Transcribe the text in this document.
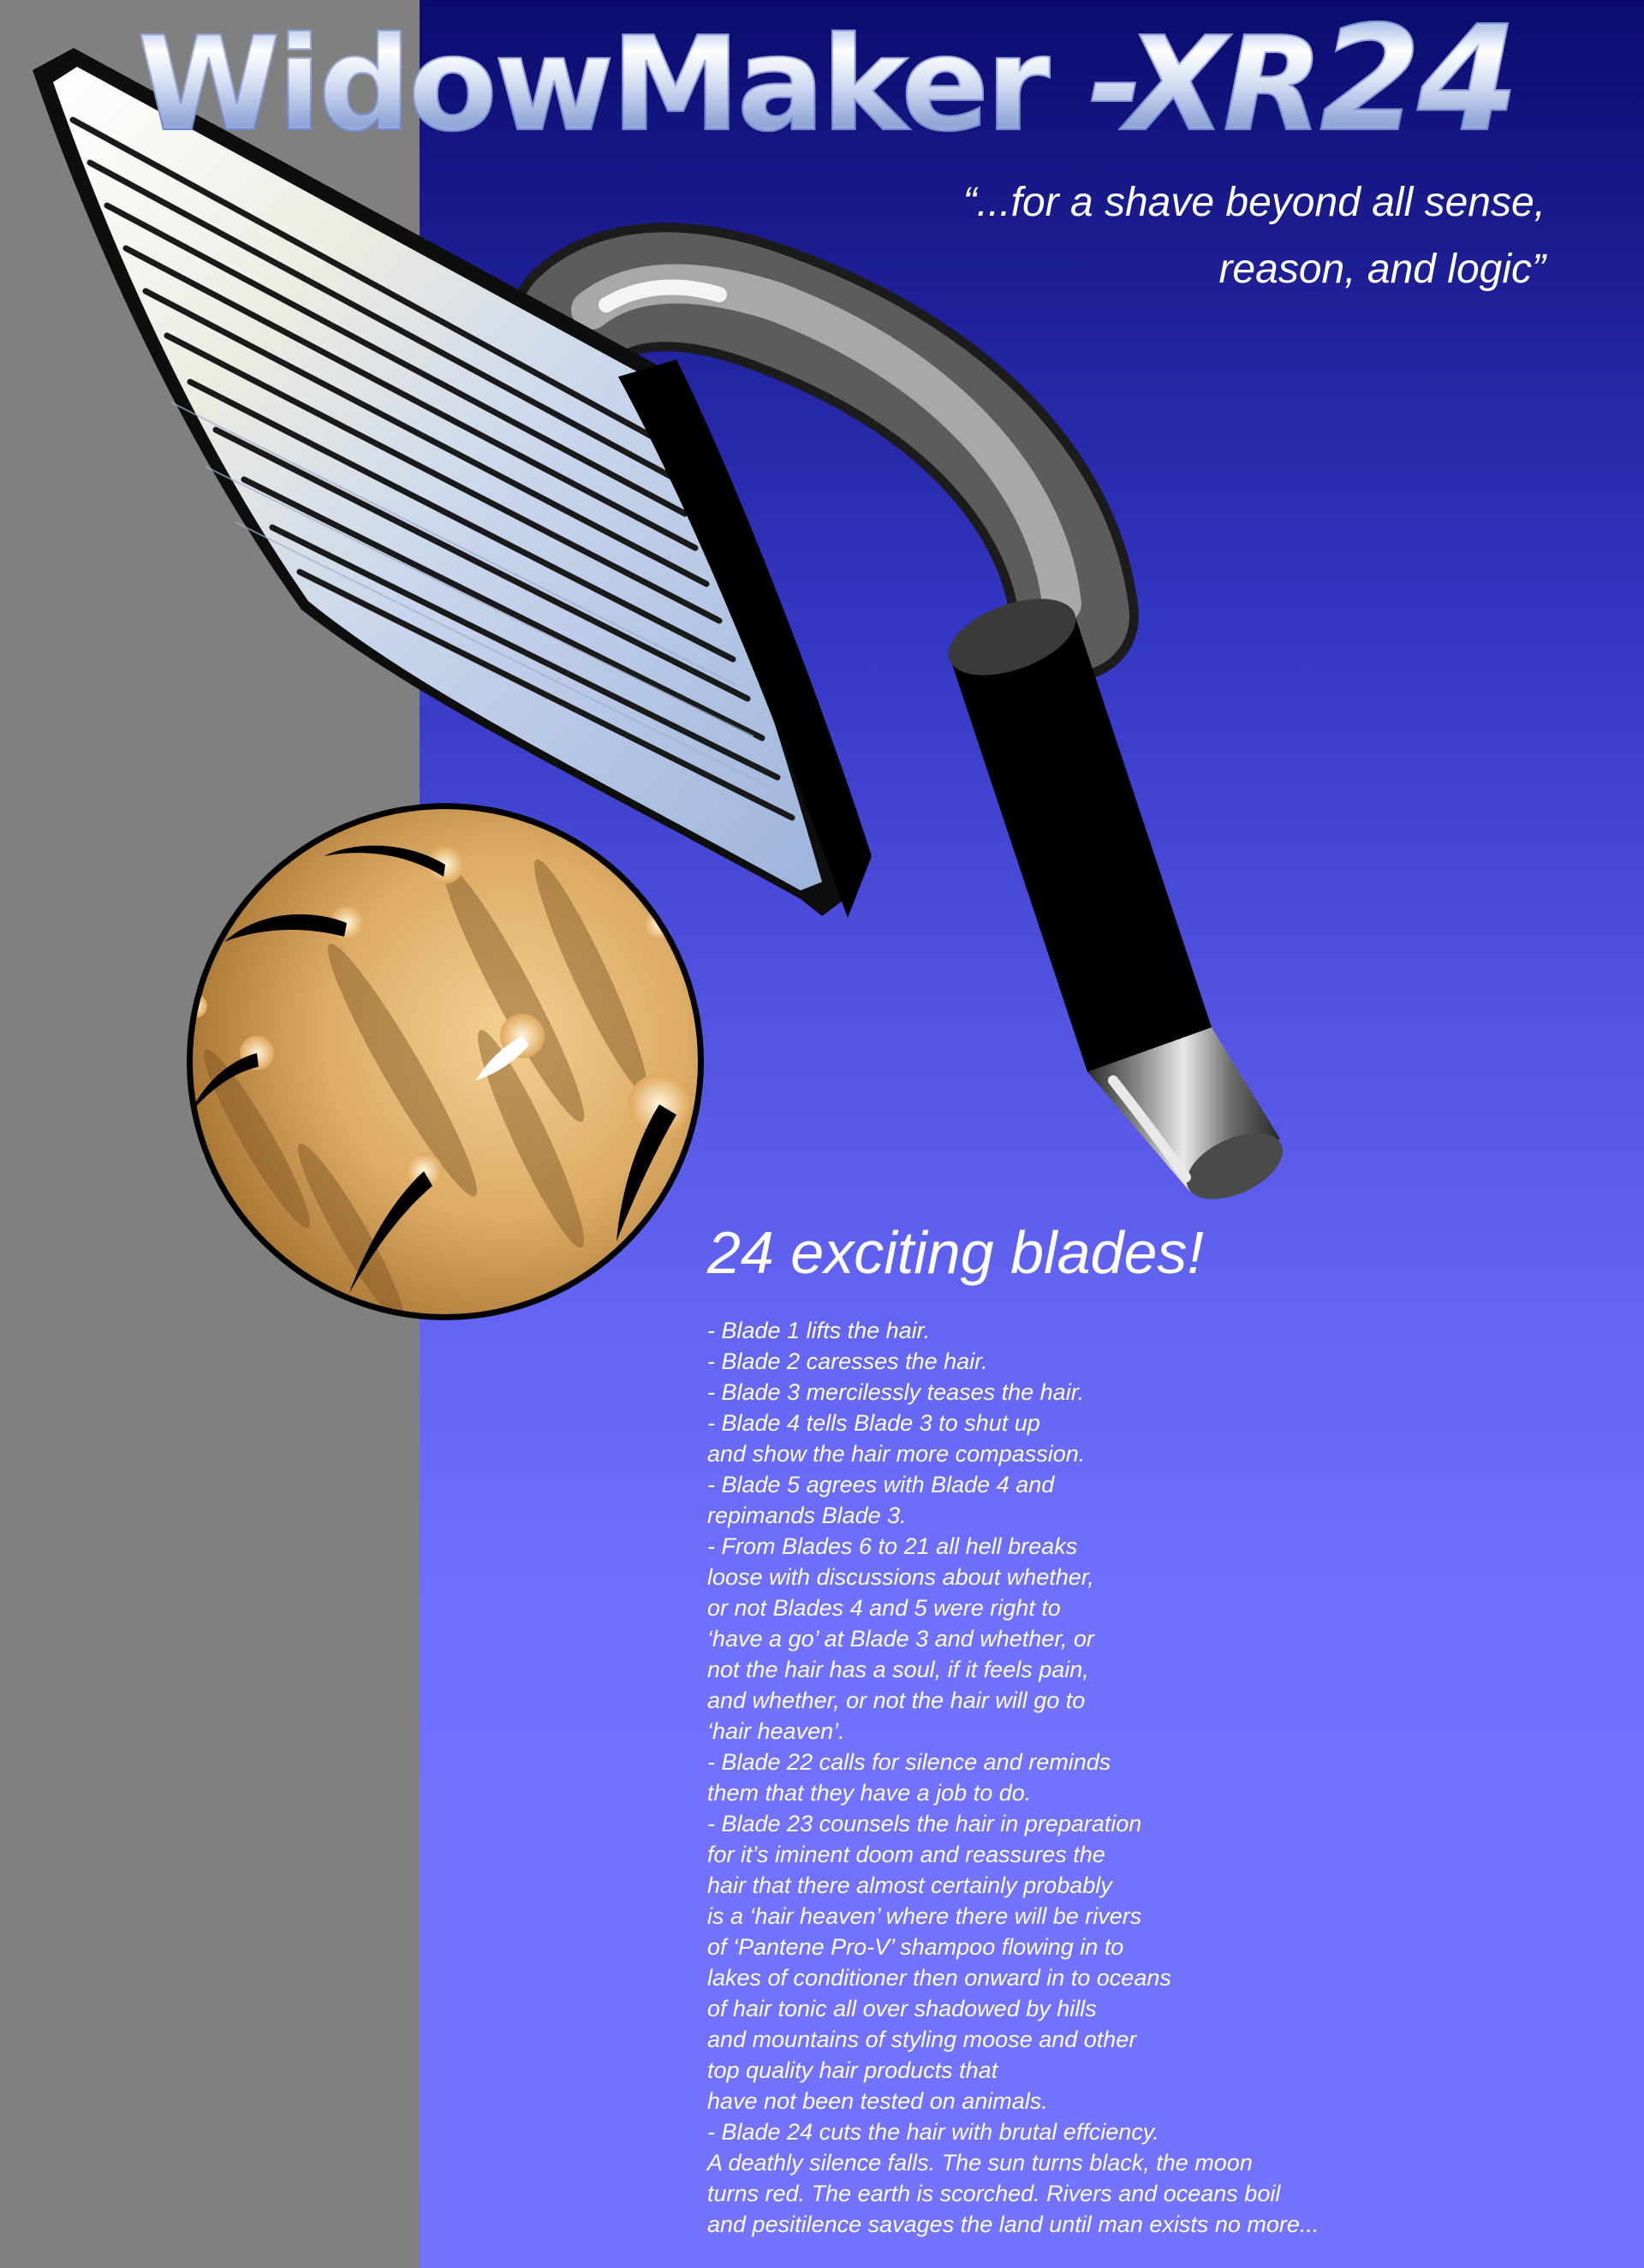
WidowMaker -XR24

“...for a shave beyond all sense,
reason, and logic”

24 exciting blades!
- Blade 1 lifts the hair.
- Blade 2 caresses the hair.
- Blade 3 mercilessly teases the hair.
- Blade 4 tells Blade 3 to shut up
and show the hair more compassion.
- Blade 5 agrees with Blade 4 and
repimands Blade 3.
- From Blades 6 to 21 all hell breaks
loose with discussions about whether,
or not Blades 4 and 5 were right to
‘have a go’ at Blade 3 and whether, or
not the hair has a soul, if it feels pain,
and whether, or not the hair will go to
‘hair heaven’.
- Blade 22 calls for silence and reminds
them that they have a job to do.
- Blade 23 counsels the hair in preparation
for it’s iminent doom and reassures the
hair that there almost certainly probably
is a ‘hair heaven’ where there will be rivers
of ‘Pantene Pro-V’ shampoo flowing in to
lakes of conditioner then onward in to oceans
of hair tonic all over shadowed by hills
and mountains of styling moose and other
top quality hair products that
have not been tested on animals.
- Blade 24 cuts the hair with brutal effciency.
A deathly silence falls. The sun turns black, the moon
turns red. The earth is scorched. Rivers and oceans boil
and pesitilence savages the land until man exists no more...
